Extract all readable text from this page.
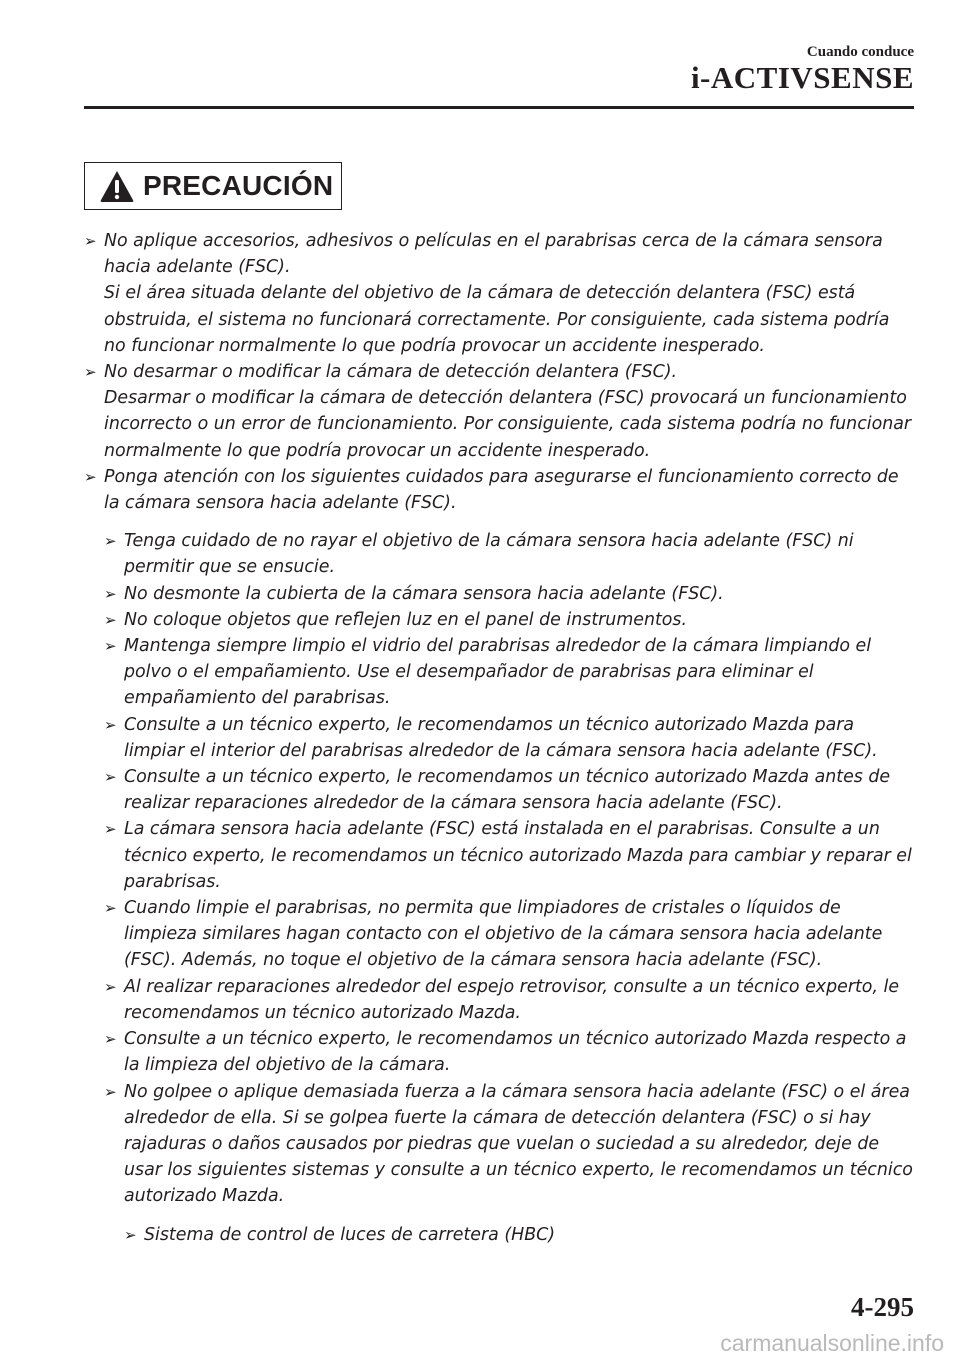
Cuando conduce
i-ACTIVSENSE
PRECAUCIÓN
➢ No aplique accesorios, adhesivos o películas en el parabrisas cerca de la cámara sensora hacia adelante (FSC).
Si el área situada delante del objetivo de la cámara de detección delantera (FSC) está obstruida, el sistema no funcionará correctamente. Por consiguiente, cada sistema podría no funcionar normalmente lo que podría provocar un accidente inesperado.
➢ No desarmar o modificar la cámara de detección delantera (FSC).
Desarmar o modificar la cámara de detección delantera (FSC) provocará un funcionamiento incorrecto o un error de funcionamiento. Por consiguiente, cada sistema podría no funcionar normalmente lo que podría provocar un accidente inesperado.
➢ Ponga atención con los siguientes cuidados para asegurarse el funcionamiento correcto de la cámara sensora hacia adelante (FSC).
➢ Tenga cuidado de no rayar el objetivo de la cámara sensora hacia adelante (FSC) ni permitir que se ensucie.
➢ No desmonte la cubierta de la cámara sensora hacia adelante (FSC).
➢ No coloque objetos que reflejen luz en el panel de instrumentos.
➢ Mantenga siempre limpio el vidrio del parabrisas alrededor de la cámara limpiando el polvo o el empañamiento. Use el desempañador de parabrisas para eliminar el empañamiento del parabrisas.
➢ Consulte a un técnico experto, le recomendamos un técnico autorizado Mazda para limpiar el interior del parabrisas alrededor de la cámara sensora hacia adelante (FSC).
➢ Consulte a un técnico experto, le recomendamos un técnico autorizado Mazda antes de realizar reparaciones alrededor de la cámara sensora hacia adelante (FSC).
➢ La cámara sensora hacia adelante (FSC) está instalada en el parabrisas. Consulte a un técnico experto, le recomendamos un técnico autorizado Mazda para cambiar y reparar el parabrisas.
➢ Cuando limpie el parabrisas, no permita que limpiadores de cristales o líquidos de limpieza similares hagan contacto con el objetivo de la cámara sensora hacia adelante (FSC). Además, no toque el objetivo de la cámara sensora hacia adelante (FSC).
➢ Al realizar reparaciones alrededor del espejo retrovisor, consulte a un técnico experto, le recomendamos un técnico autorizado Mazda.
➢ Consulte a un técnico experto, le recomendamos un técnico autorizado Mazda respecto a la limpieza del objetivo de la cámara.
➢ No golpee o aplique demasiada fuerza a la cámara sensora hacia adelante (FSC) o el área alrededor de ella. Si se golpea fuerte la cámara de detección delantera (FSC) o si hay rajaduras o daños causados por piedras que vuelan o suciedad a su alrededor, deje de usar los siguientes sistemas y consulte a un técnico experto, le recomendamos un técnico autorizado Mazda.
➢ Sistema de control de luces de carretera (HBC)
4-295
carmanualsonline.info
